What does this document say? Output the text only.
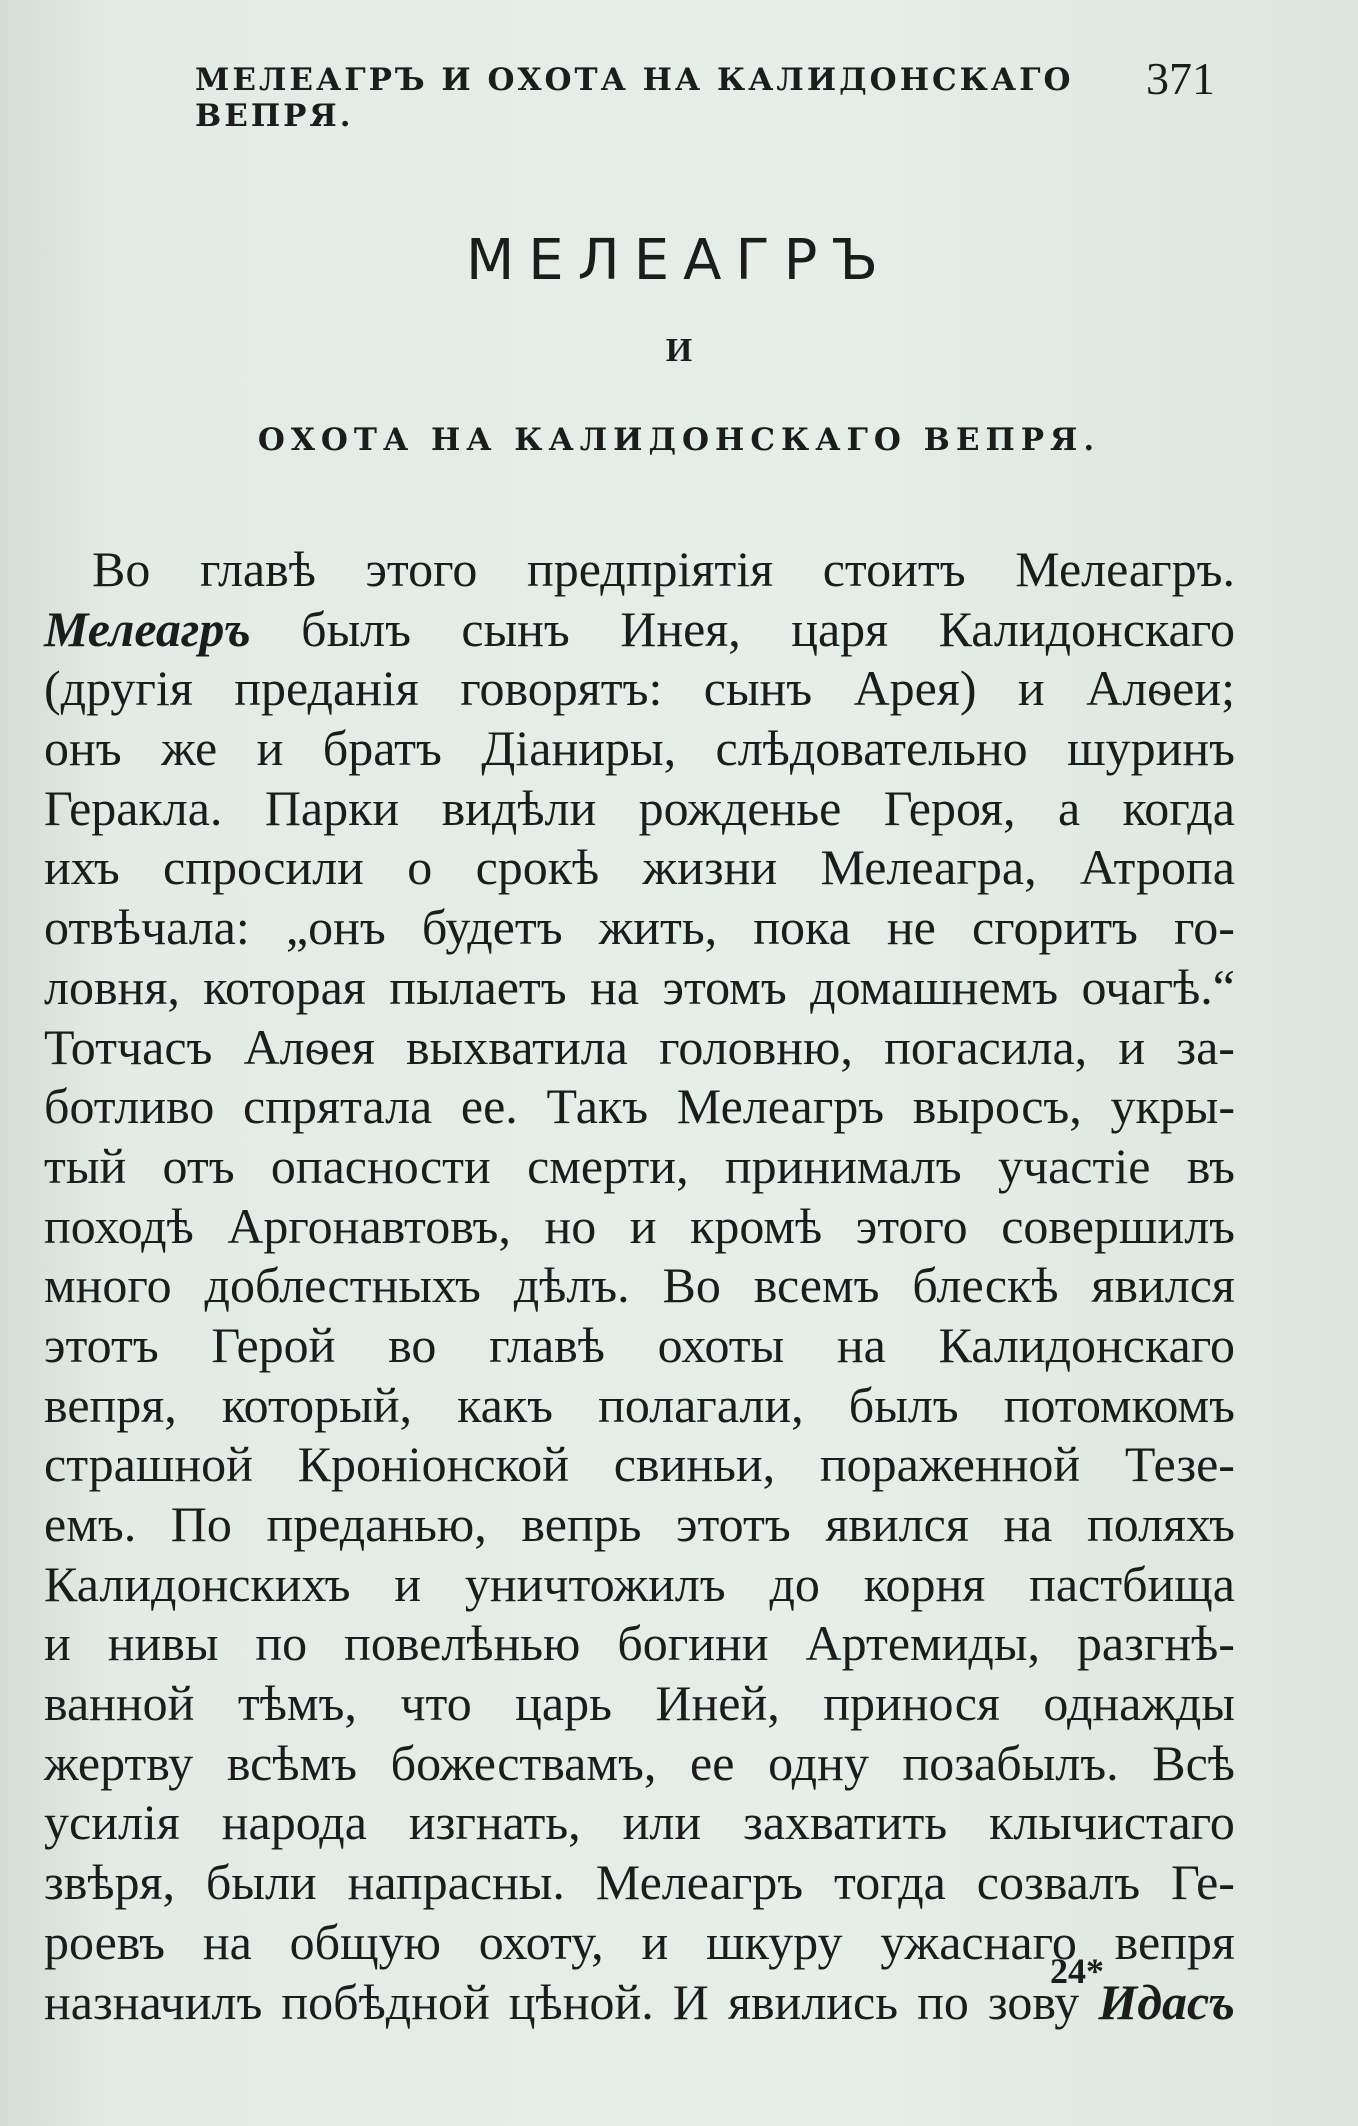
МЕЛЕАГРЪ И ОХОТА НА КАЛИДОНСКАГО ВЕПРЯ.
371
МЕЛЕАГРЪ
И
ОХОТА НА КАЛИДОНСКАГО ВЕПРЯ.
Во главѣ этого предпріятія стоитъ Мелеагръ.
Мелеагръ былъ сынъ Инея, царя Калидонскаго
(другія преданія говорятъ: сынъ Арея) и Алѳеи;
онъ же и братъ Діаниры, слѣдовательно шуринъ
Геракла. Парки видѣли рожденье Героя, а когда
ихъ спросили о срокѣ жизни Мелеагра, Атропа
отвѣчала: „онъ будетъ жить, пока не сгоритъ го-
ловня, которая пылаетъ на этомъ домашнемъ очагѣ.“
Тотчасъ Алѳея выхватила головню, погасила, и за-
ботливо спрятала ее. Такъ Мелеагръ выросъ, укры-
тый отъ опасности смерти, принималъ участіе въ
походѣ Аргонавтовъ, но и кромѣ этого совершилъ
много доблестныхъ дѣлъ. Во всемъ блескѣ явился
этотъ Герой во главѣ охоты на Калидонскаго
вепря, который, какъ полагали, былъ потомкомъ
страшной Кроніонской свиньи, пораженной Тезе-
емъ. По преданью, вепрь этотъ явился на поляхъ
Калидонскихъ и уничтожилъ до корня пастбища
и нивы по повелѣнью богини Артемиды, разгнѣ-
ванной тѣмъ, что царь Иней, принося однажды
жертву всѣмъ божествамъ, ее одну позабылъ. Всѣ
усилія народа изгнать, или захватить клычистаго
звѣря, были напрасны. Мелеагръ тогда созвалъ Ге-
роевъ на общую охоту, и шкуру ужаснаго вепря
назначилъ побѣдной цѣной. И явились по зову Идасъ
24*
